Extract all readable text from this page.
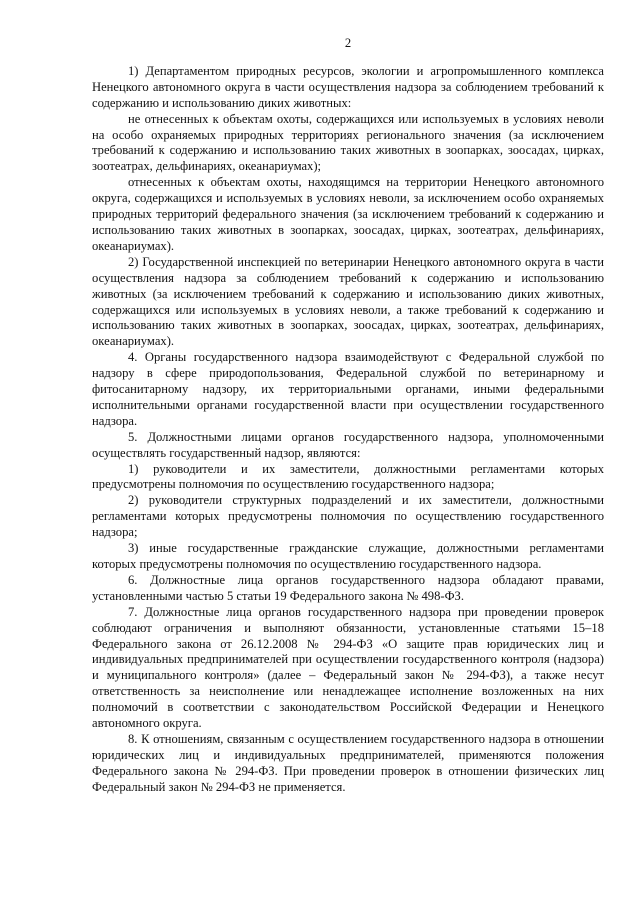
2

1) Департаментом природных ресурсов, экологии и агропромышленного комплекса Ненецкого автономного округа в части осуществления надзора за соблюдением требований к содержанию и использованию диких животных:

не отнесенных к объектам охоты, содержащихся или используемых в условиях неволи на особо охраняемых природных территориях регионального значения (за исключением требований к содержанию и использованию таких животных в зоопарках, зоосадах, цирках, зоотеатрах, дельфинариях, океанариумах);

отнесенных к объектам охоты, находящимся на территории Ненецкого автономного округа, содержащихся и используемых в условиях неволи, за исключением особо охраняемых природных территорий федерального значения (за исключением требований к содержанию и использованию таких животных в зоопарках, зоосадах, цирках, зоотеатрах, дельфинариях, океанариумах).

2) Государственной инспекцией по ветеринарии Ненецкого автономного округа в части осуществления надзора за соблюдением требований к содержанию и использованию животных (за исключением требований к содержанию и использованию диких животных, содержащихся или используемых в условиях неволи, а также требований к содержанию и использованию таких животных в зоопарках, зоосадах, цирках, зоотеатрах, дельфинариях, океанариумах).

4. Органы государственного надзора взаимодействуют с Федеральной службой по надзору в сфере природопользования, Федеральной службой по ветеринарному и фитосанитарному надзору, их территориальными органами, иными федеральными исполнительными органами государственной власти при осуществлении государственного надзора.

5. Должностными лицами органов государственного надзора, уполномоченными осуществлять государственный надзор, являются:

1) руководители и их заместители, должностными регламентами которых предусмотрены полномочия по осуществлению государственного надзора;

2) руководители структурных подразделений и их заместители, должностными регламентами которых предусмотрены полномочия по осуществлению государственного надзора;

3) иные государственные гражданские служащие, должностными регламентами которых предусмотрены полномочия по осуществлению государственного надзора.

6. Должностные лица органов государственного надзора обладают правами, установленными частью 5 статьи 19 Федерального закона № 498-ФЗ.

7. Должностные лица органов государственного надзора при проведении проверок соблюдают ограничения и выполняют обязанности, установленные статьями 15–18 Федерального закона от 26.12.2008 № 294-ФЗ «О защите прав юридических лиц и индивидуальных предпринимателей при осуществлении государственного контроля (надзора) и муниципального контроля» (далее – Федеральный закон № 294-ФЗ), а также несут ответственность за неисполнение или ненадлежащее исполнение возложенных на них полномочий в соответствии с законодательством Российской Федерации и Ненецкого автономного округа.

8. К отношениям, связанным с осуществлением государственного надзора в отношении юридических лиц и индивидуальных предпринимателей, применяются положения Федерального закона № 294-ФЗ. При проведении проверок в отношении физических лиц Федеральный закон № 294-ФЗ не применяется.
